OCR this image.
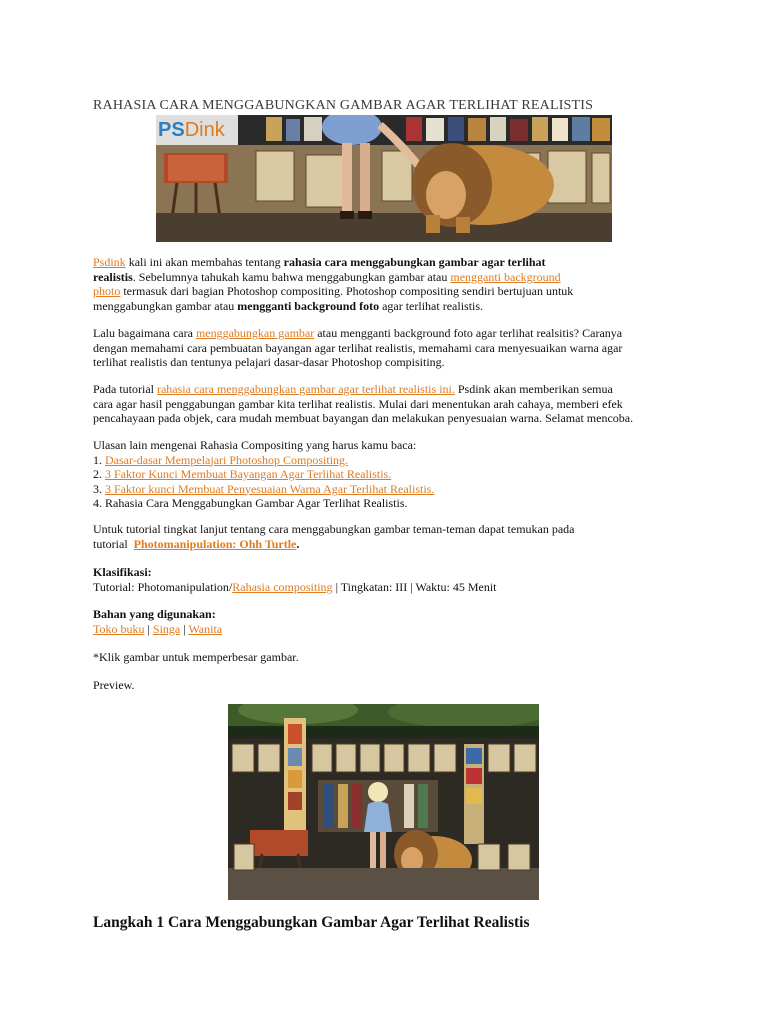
RAHASIA CARA MENGGABUNGKAN GAMBAR AGAR TERLIHAT REALISTIS
PSDink

Psdink kali ini akan membahas tentang rahasia cara menggabungkan gambar agar terlihat

realistis. Sebelumnya tahukah kamu bahwa menggabungkan gambar atau mengganti background

photo termasuk dari bagian Photoshop compositing. Photoshop compositing sendiri bertujuan untuk

menggabungkan gambar atau mengganti background foto agar terlihat realistis.

Lalu bagaimana cara menggabungkan gambar atau mengganti background foto agar terlihat realsitis? Caranya

dengan memahami cara pembuatan bayangan agar terlihat realistis, memahami cara menyesuaikan warna agar

terlihat realistis dan tentunya pelajari dasar-dasar Photoshop compisiting.

Pada tutorial rahasia cara menggabungkan gambar agar terlihat realistis ini. Psdink akan memberikan semua

cara agar hasil penggabungan gambar kita terlihat realistis. Mulai dari menentukan arah cahaya, memberi efek

pencahayaan pada objek, cara mudah membuat bayangan dan melakukan penyesuaian warna. Selamat mencoba.

Ulasan lain mengenai Rahasia Compositing yang harus kamu baca:

1. Dasar-dasar Mempelajari Photoshop Compositing.

2. 3 Faktor Kunci Membuat Bayangan Agar Terlihat Realistis.

3. 3 Faktor kunci Membuat Penyesuaian Warna Agar Terlihat Realistis.

4. Rahasia Cara Menggabungkan Gambar Agar Terlihat Realistis.

Untuk tutorial tingkat lanjut tentang cara menggabungkan gambar teman-teman dapat temukan pada

tutorial  Photomanipulation: Ohh Turtle.

Klasifikasi:

Tutorial: Photomanipulation/Rahasia compositing | Tingkatan: III | Waktu: 45 Menit

Bahan yang digunakan:

Toko buku | Singa | Wanita

*Klik gambar untuk memperbesar gambar.
Preview.
Langkah 1 Cara Menggabungkan Gambar Agar Terlihat Realistis
